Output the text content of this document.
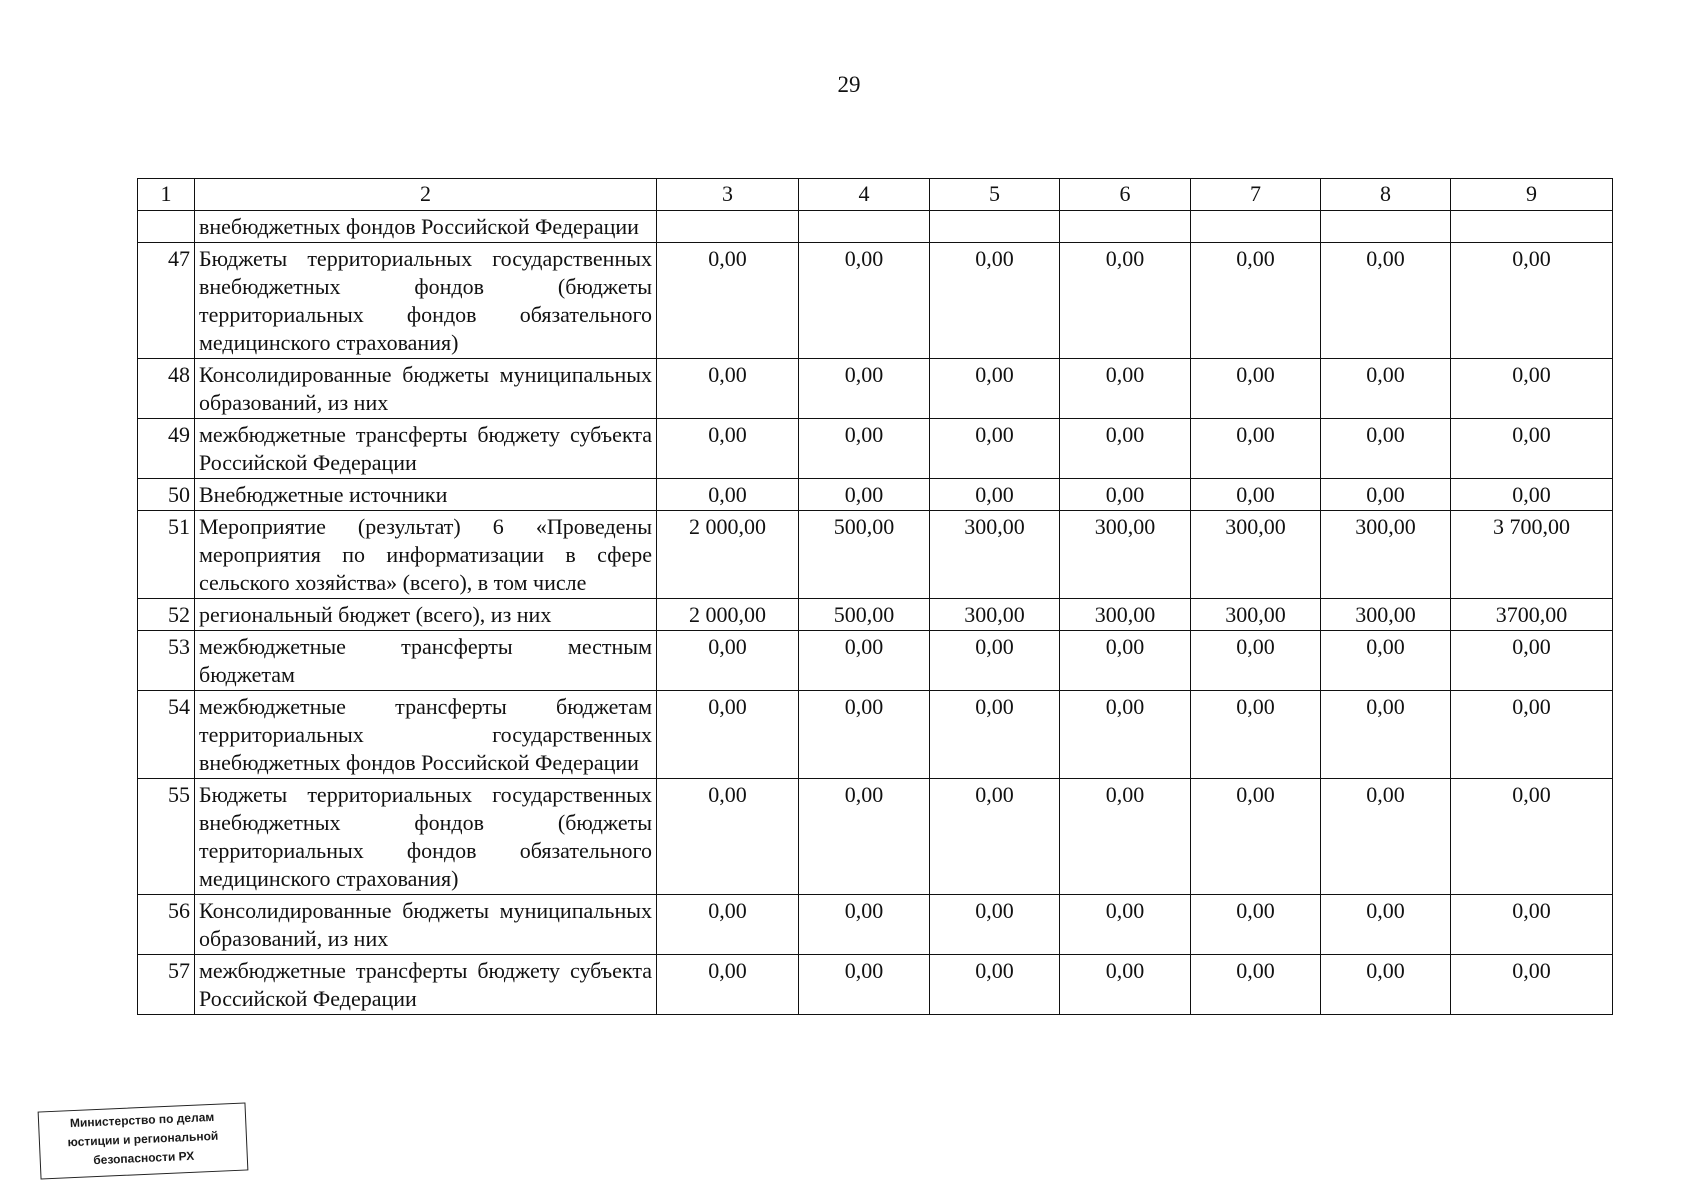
29
1	2	3	4	5	6	7	8	9
	внебюджетных фондов Российской Федерации							
47	Бюджеты территориальных государственных внебюджетных фондов (бюджеты территориальных фондов обязательного медицинского страхования)	0,00	0,00	0,00	0,00	0,00	0,00	0,00
48	Консолидированные бюджеты муниципальных образований, из них	0,00	0,00	0,00	0,00	0,00	0,00	0,00
49	межбюджетные трансферты бюджету субъекта Российской Федерации	0,00	0,00	0,00	0,00	0,00	0,00	0,00
50	Внебюджетные источники	0,00	0,00	0,00	0,00	0,00	0,00	0,00
51	Мероприятие (результат) 6 «Проведены мероприятия по информатизации в сфере сельского хозяйства» (всего), в том числе	2 000,00	500,00	300,00	300,00	300,00	300,00	3 700,00
52	региональный бюджет (всего), из них	2 000,00	500,00	300,00	300,00	300,00	300,00	3700,00
53	межбюджетные трансферты местным бюджетам	0,00	0,00	0,00	0,00	0,00	0,00	0,00
54	межбюджетные трансферты бюджетам территориальных государственных внебюджетных фондов Российской Федерации	0,00	0,00	0,00	0,00	0,00	0,00	0,00
55	Бюджеты территориальных государственных внебюджетных фондов (бюджеты территориальных фондов обязательного медицинского страхования)	0,00	0,00	0,00	0,00	0,00	0,00	0,00
56	Консолидированные бюджеты муниципальных образований, из них	0,00	0,00	0,00	0,00	0,00	0,00	0,00
57	межбюджетные трансферты бюджету субъекта Российской Федерации	0,00	0,00	0,00	0,00	0,00	0,00	0,00
Министерство по делам
юстиции и региональной
безопасности РХ
